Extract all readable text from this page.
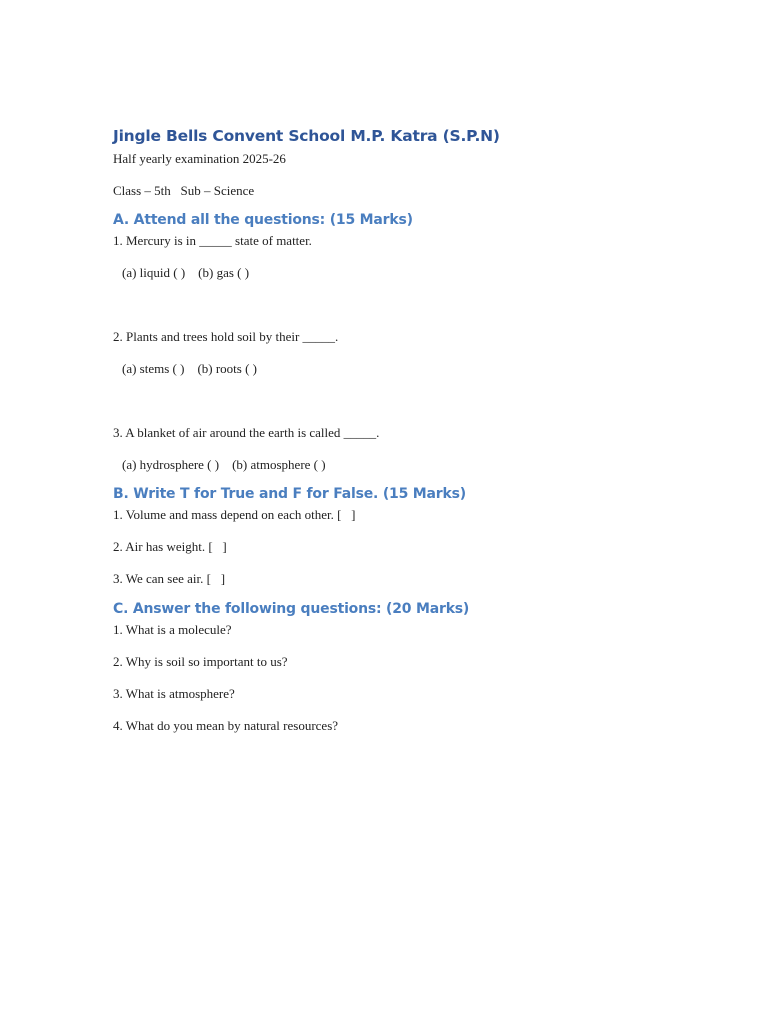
Jingle Bells Convent School M.P. Katra (S.P.N)

Half yearly examination 2025-26

Class – 5th   Sub – Science

A. Attend all the questions: (15 Marks)

1. Mercury is in _____ state of matter.

(a) liquid ( )    (b) gas ( )

2. Plants and trees hold soil by their _____.

(a) stems ( )    (b) roots ( )

3. A blanket of air around the earth is called _____.

(a) hydrosphere ( )    (b) atmosphere ( )

B. Write T for True and F for False. (15 Marks)

1. Volume and mass depend on each other. [   ]

2. Air has weight. [   ]

3. We can see air. [   ]

C. Answer the following questions: (20 Marks)

1. What is a molecule?

2. Why is soil so important to us?

3. What is atmosphere?

4. What do you mean by natural resources?
